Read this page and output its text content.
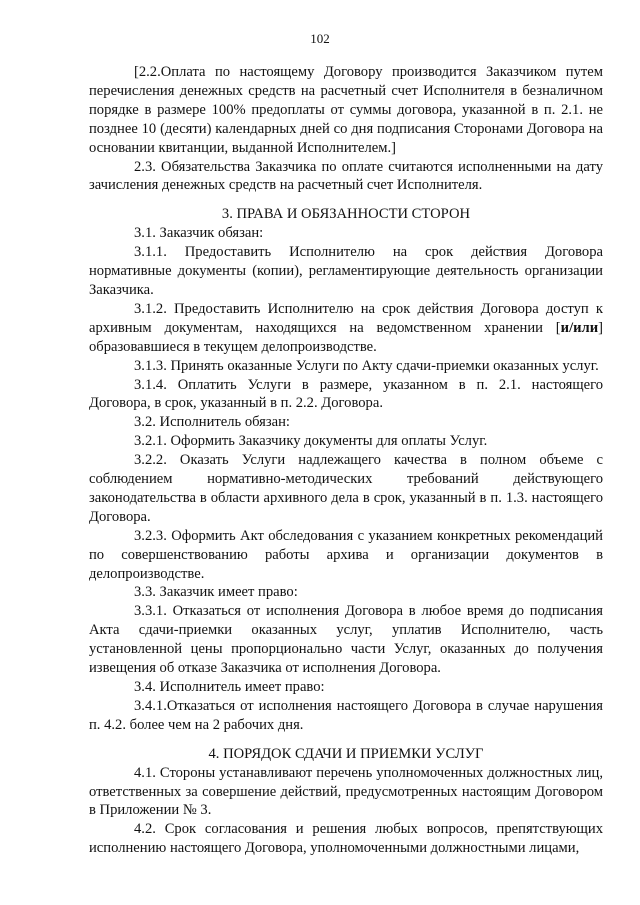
102

[2.2.Оплата по настоящему Договору производится Заказчиком путем перечисления денежных средств на расчетный счет Исполнителя в безналичном порядке в размере 100% предоплаты от суммы договора, указанной в п. 2.1. не позднее 10 (десяти) календарных дней со дня подписания Сторонами Договора на основании квитанции, выданной Исполнителем.]

2.3. Обязательства Заказчика по оплате считаются исполненными на дату зачисления денежных средств на расчетный счет Исполнителя.

3. ПРАВА И ОБЯЗАННОСТИ СТОРОН

3.1. Заказчик обязан:

3.1.1. Предоставить Исполнителю на срок действия Договора нормативные документы (копии), регламентирующие деятельность организации Заказчика.

3.1.2. Предоставить Исполнителю на срок действия Договора доступ к архивным документам, находящихся на ведомственном хранении [и/или] образовавшиеся в текущем делопроизводстве.

3.1.3. Принять оказанные Услуги по Акту сдачи-приемки оказанных услуг.

3.1.4. Оплатить Услуги в размере, указанном в п. 2.1. настоящего Договора, в срок, указанный в п. 2.2. Договора.

3.2. Исполнитель обязан:

3.2.1. Оформить Заказчику документы для оплаты Услуг.

3.2.2. Оказать Услуги надлежащего качества в полном объеме с соблюдением нормативно-методических требований действующего законодательства в области архивного дела в срок, указанный в п. 1.3. настоящего Договора.

3.2.3. Оформить Акт обследования с указанием конкретных рекомендаций по совершенствованию работы архива и организации документов в делопроизводстве.

3.3. Заказчик имеет право:

3.3.1. Отказаться от исполнения Договора в любое время до подписания Акта сдачи-приемки оказанных услуг, уплатив Исполнителю, часть установленной цены пропорционально части Услуг, оказанных до получения извещения об отказе Заказчика от исполнения Договора.

3.4. Исполнитель имеет право:

3.4.1.Отказаться от исполнения настоящего Договора в случае нарушения п. 4.2. более чем на 2 рабочих дня.

4. ПОРЯДОК СДАЧИ И ПРИЕМКИ УСЛУГ

4.1. Стороны устанавливают перечень уполномоченных должностных лиц, ответственных за совершение действий, предусмотренных настоящим Договором в Приложении № 3.

4.2. Срок согласования и решения любых вопросов, препятствующих исполнению настоящего Договора, уполномоченными должностными лицами,
